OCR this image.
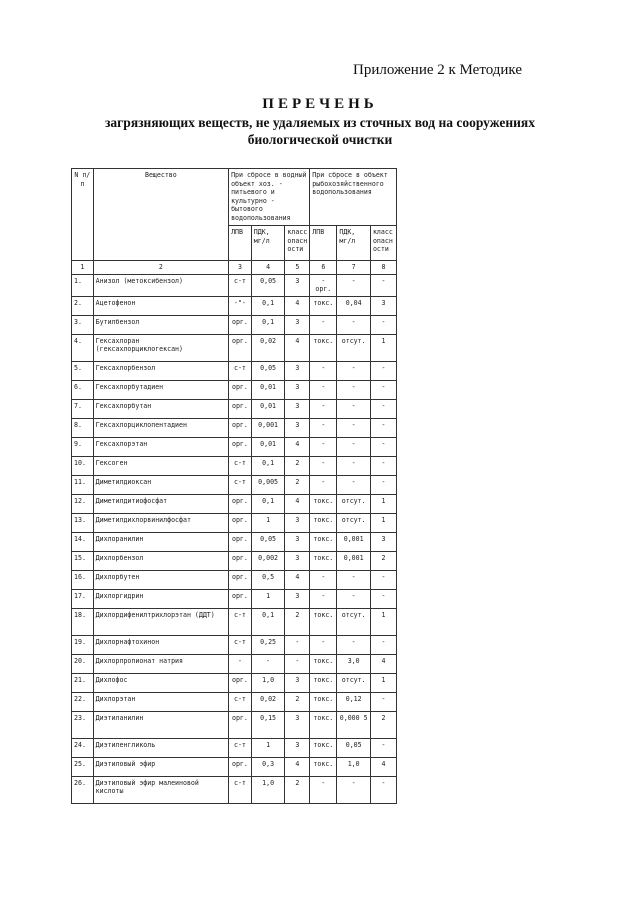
Приложение 2 к Методике
ПЕРЕЧЕНЬ
загрязняющих веществ, не удаляемых из сточных вод на сооружениях
биологической очистки
N п/п	Вещество	При сбросе в водный объект хоз. - питьевого и культурно - бытового водопользования			При сбросе в объект рыбохозяйственного водопользования		
		ЛПВ	ПДК, мг/л	класс опасности	ЛПВ	ПДК, мг/л	класс опасности
1	2	3	4	5	6	7	8
1.	Анизол (метоксибензол)	с-т	0,05	3	- орг.	-	-
2.	Ацетофенон	-"-	0,1	4	токс.	0,04	3
3.	Бутилбензол	орг.	0,1	3	-	-	-
4.	Гексахлоран (гексахлорциклогексан)	орг.	0,02	4	токс.	отсут.	1
5.	Гексахлорбензол	с-т	0,05	3	-	-	-
6.	Гексахлорбутадиен	орг.	0,01	3	-	-	-
7.	Гексахлорбутан	орг.	0,01	3	-	-	-
8.	Гексахлорциклопентадиен	орг.	0,001	3	-	-	-
9.	Гексахлорэтан	орг.	0,01	4	-	-	-
10.	Гексоген	с-т	0,1	2	-	-	-
11.	Диметилдиоксан	с-т	0,005	2	-	-	-
12.	Диметилдитиофосфат	орг.	0,1	4	токс.	отсут.	1
13.	Диметилдихлорвинилфосфат	орг.	1	3	токс.	отсут.	1
14.	Дихлоранилин	орг.	0,05	3	токс.	0,001	3
15.	Дихлорбензол	орг.	0,002	3	токс.	0,001	2
16.	Дихлорбутен	орг.	0,5	4	-	-	-
17.	Дихлоргидрин	орг.	1	3	-	-	-
18.	Дихлордифенилтрихлорэтан (ДДТ)	с-т	0,1	2	токс.	отсут.	1
19.	Дихлорнафтохинон	с-т	0,25	-	-	-	-
20.	Дихлорпропионат натрия	-	-	-	токс.	3,0	4
21.	Дихлофос	орг.	1,0	3	токс.	отсут.	1
22.	Дихлорэтан	с-т	0,02	2	токс.	0,12	-
23.	Диэтиланилин	орг.	0,15	3	токс.	0,000 5	2
24.	Диэтиленгликоль	с-т	1	3	токс.	0,05	-
25.	Диэтиловый эфир	орг.	0,3	4	токс.	1,0	4
26.	Диэтиловый эфир малеиновой кислоты	с-т	1,0	2	-	-	-
